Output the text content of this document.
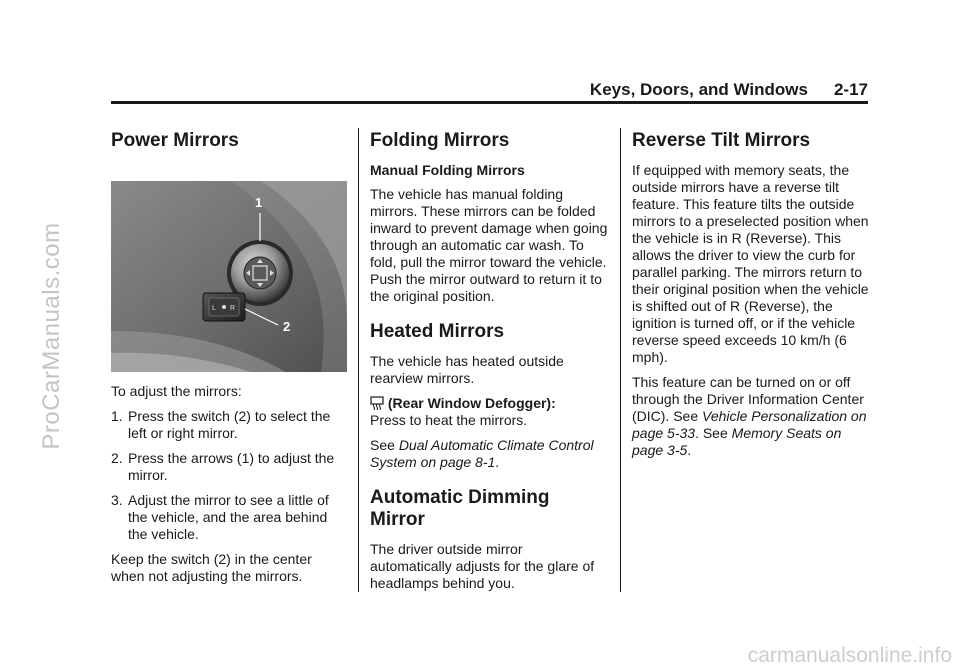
ProCarManuals.com
carmanualsonline.info
Keys, Doors, and Windows 2-17
Power Mirrors
L R
1
2

To adjust the mirrors:

1. Press the switch (2) to select the left or right mirror.
2. Press the arrows (1) to adjust the mirror.
3. Adjust the mirror to see a little of the vehicle, and the area behind the vehicle.

Keep the switch (2) in the center when not adjusting the mirrors.

Folding Mirrors
Manual Folding Mirrors

The vehicle has manual folding mirrors. These mirrors can be folded inward to prevent damage when going through an automatic car wash. To fold, pull the mirror toward the vehicle. Push the mirror outward to return it to the original position.

Heated Mirrors

The vehicle has heated outside rearview mirrors.

(Rear Window Defogger):
Press to heat the mirrors.

See Dual Automatic Climate Control System on page 8-1.

Automatic Dimming Mirror

The driver outside mirror automatically adjusts for the glare of headlamps behind you.

Reverse Tilt Mirrors

If equipped with memory seats, the outside mirrors have a reverse tilt feature. This feature tilts the outside mirrors to a preselected position when the vehicle is in R (Reverse). This allows the driver to view the curb for parallel parking. The mirrors return to their original position when the vehicle is shifted out of R (Reverse), the ignition is turned off, or if the vehicle reverse speed exceeds 10 km/h (6 mph).

This feature can be turned on or off through the Driver Information Center (DIC). See Vehicle Personalization on page 5-33. See Memory Seats on page 3-5.
